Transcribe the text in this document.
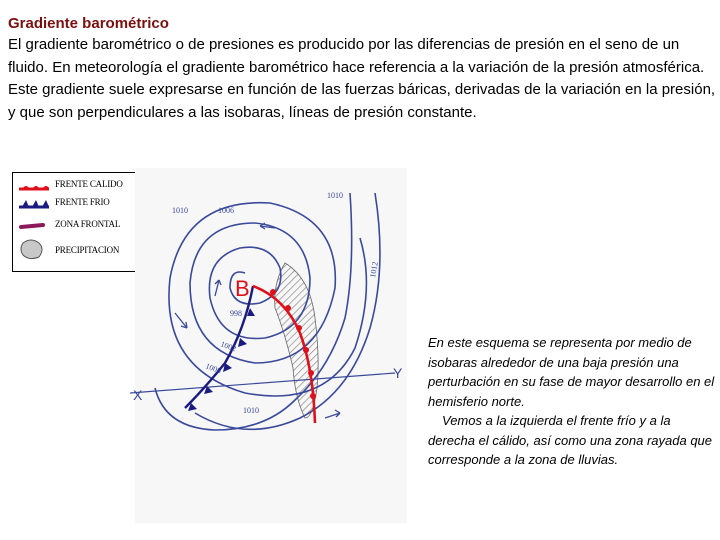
Gradiente barométrico
El gradiente barométrico o de presiones es producido por las diferencias de presión en el seno de un fluido. En meteorología el gradiente barométrico hace referencia a la variación de la presión atmosférica. Este gradiente suele expresarse en función de las fuerzas báricas, derivadas de la variación en la presión, y que son perpendiculares a las isobaras, líneas de presión constante.
FRENTE CALIDO
FRENTE FRIO
ZONA FRONTAL
PRECIPITACION
B
X
Y
1010	1006
1010
1012
998
1002
1006
1010

En este esquema se representa por medio de isobaras alrededor de una baja presión una perturbación en su fase de mayor desarrollo en el hemisferio norte.

Vemos a la izquierda el frente frío y a la derecha el cálido, así como una zona rayada que corresponde a la zona de lluvias.
